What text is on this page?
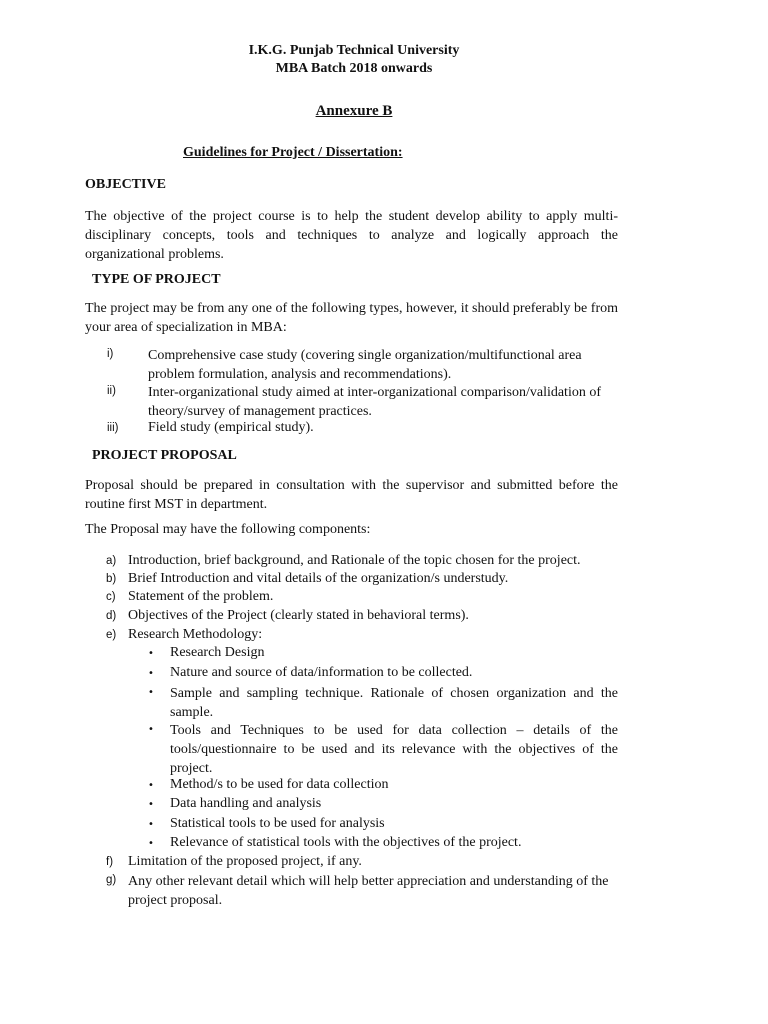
I.K.G. Punjab Technical University
MBA Batch 2018 onwards
Annexure B
Guidelines for Project / Dissertation:
OBJECTIVE
The objective of the project course is to help the student develop ability to apply multi-disciplinary concepts, tools and techniques to analyze and logically approach the organizational problems.
TYPE OF PROJECT
The project may be from any one of the following types, however, it should preferably be from your area of specialization in MBA:
i) Comprehensive case study (covering single organization/multifunctional area problem formulation, analysis and recommendations).
ii) Inter-organizational study aimed at inter-organizational comparison/validation of theory/survey of management practices.
iii) Field study (empirical study).
PROJECT PROPOSAL
Proposal should be prepared in consultation with the supervisor and submitted before the routine first MST in department.
The Proposal may have the following components:
a) Introduction, brief background, and Rationale of the topic chosen for the project.
b) Brief Introduction and vital details of the organization/s understudy.
c) Statement of the problem.
d) Objectives of the Project (clearly stated in behavioral terms).
e) Research Methodology:
• Research Design
• Nature and source of data/information to be collected.
• Sample and sampling technique. Rationale of chosen organization and the sample.
• Tools and Techniques to be used for data collection – details of the tools/questionnaire to be used and its relevance with the objectives of the project.
• Method/s to be used for data collection
• Data handling and analysis
• Statistical tools to be used for analysis
• Relevance of statistical tools with the objectives of the project.
f) Limitation of the proposed project, if any.
g) Any other relevant detail which will help better appreciation and understanding of the project proposal.
